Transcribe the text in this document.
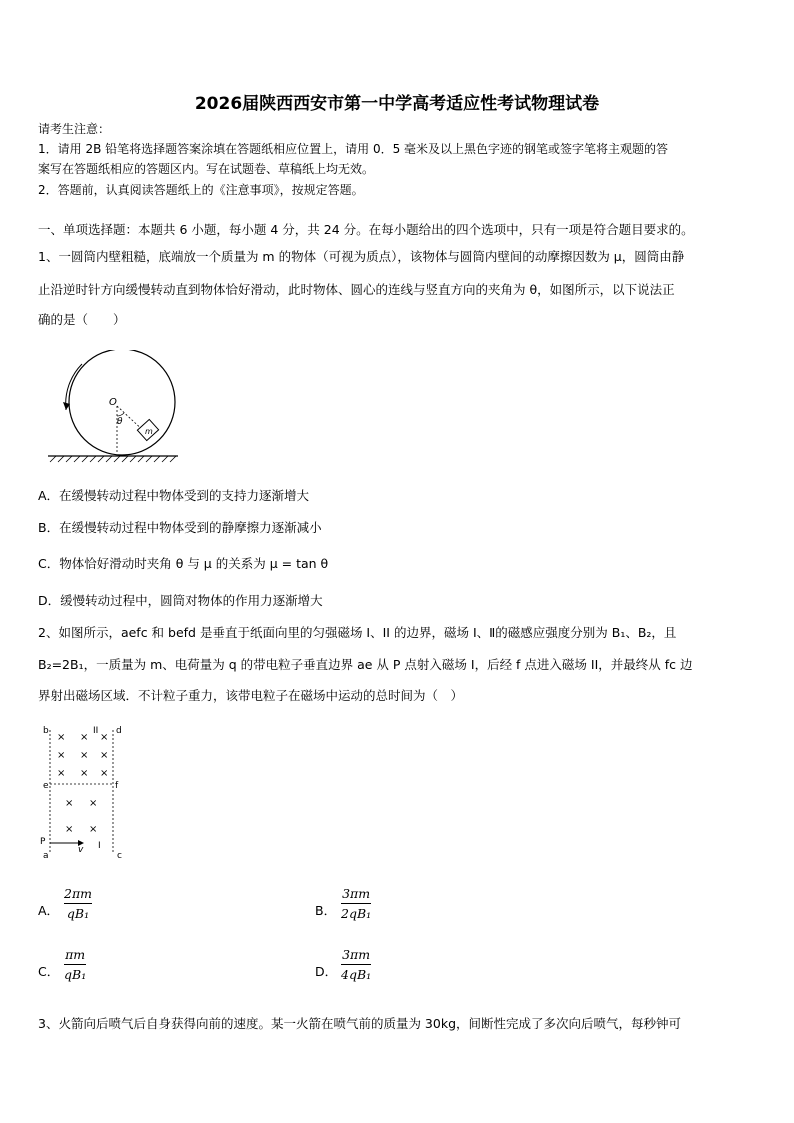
2026届陕西西安市第一中学高考适应性考试物理试卷
请考生注意：
1．请用 2B 铅笔将选择题答案涂填在答题纸相应位置上，请用 0．5 毫米及以上黑色字迹的钢笔或签字笔将主观题的答
案写在答题纸相应的答题区内。写在试题卷、草稿纸上均无效。
2．答题前，认真阅读答题纸上的《注意事项》，按规定答题。
一、单项选择题：本题共 6 小题，每小题 4 分，共 24 分。在每小题给出的四个选项中，只有一项是符合题目要求的。
1、一圆筒内壁粗糙，底端放一个质量为 m 的物体（可视为质点），该物体与圆筒内壁间的动摩擦因数为 μ，圆筒由静
止沿逆时针方向缓慢转动直到物体恰好滑动，此时物体、圆心的连线与竖直方向的夹角为 θ，如图所示，以下说法正
确的是（　　）
O
θ
m
A．在缓慢转动过程中物体受到的支持力逐渐增大
B．在缓慢转动过程中物体受到的静摩擦力逐渐减小
C．物体恰好滑动时夹角 θ 与 μ 的关系为 μ = tan θ
D．缓慢转动过程中，圆筒对物体的作用力逐渐增大
2、如图所示，aefc 和 befd 是垂直于纸面向里的匀强磁场 I、II 的边界，磁场 I、Ⅱ的磁感应强度分别为 B₁、B₂，且
B₂=2B₁，一质量为 m、电荷量为 q 的带电粒子垂直边界 ae 从 P 点射入磁场 I，后经 f 点进入磁场 II，并最终从 fc 边
界射出磁场区域．不计粒子重力，该带电粒子在磁场中运动的总时间为（　）
b	d
II
e	f
P
a	c
I
v
× × ×
× × ×
× × ×
× ×
× ×
A．
2πm
qB₁	B．
3πm
2qB₁
C．
πm
qB₁	D．
3πm
4qB₁
3、火箭向后喷气后自身获得向前的速度。某一火箭在喷气前的质量为 30kg，间断性完成了多次向后喷气，每秒钟可
